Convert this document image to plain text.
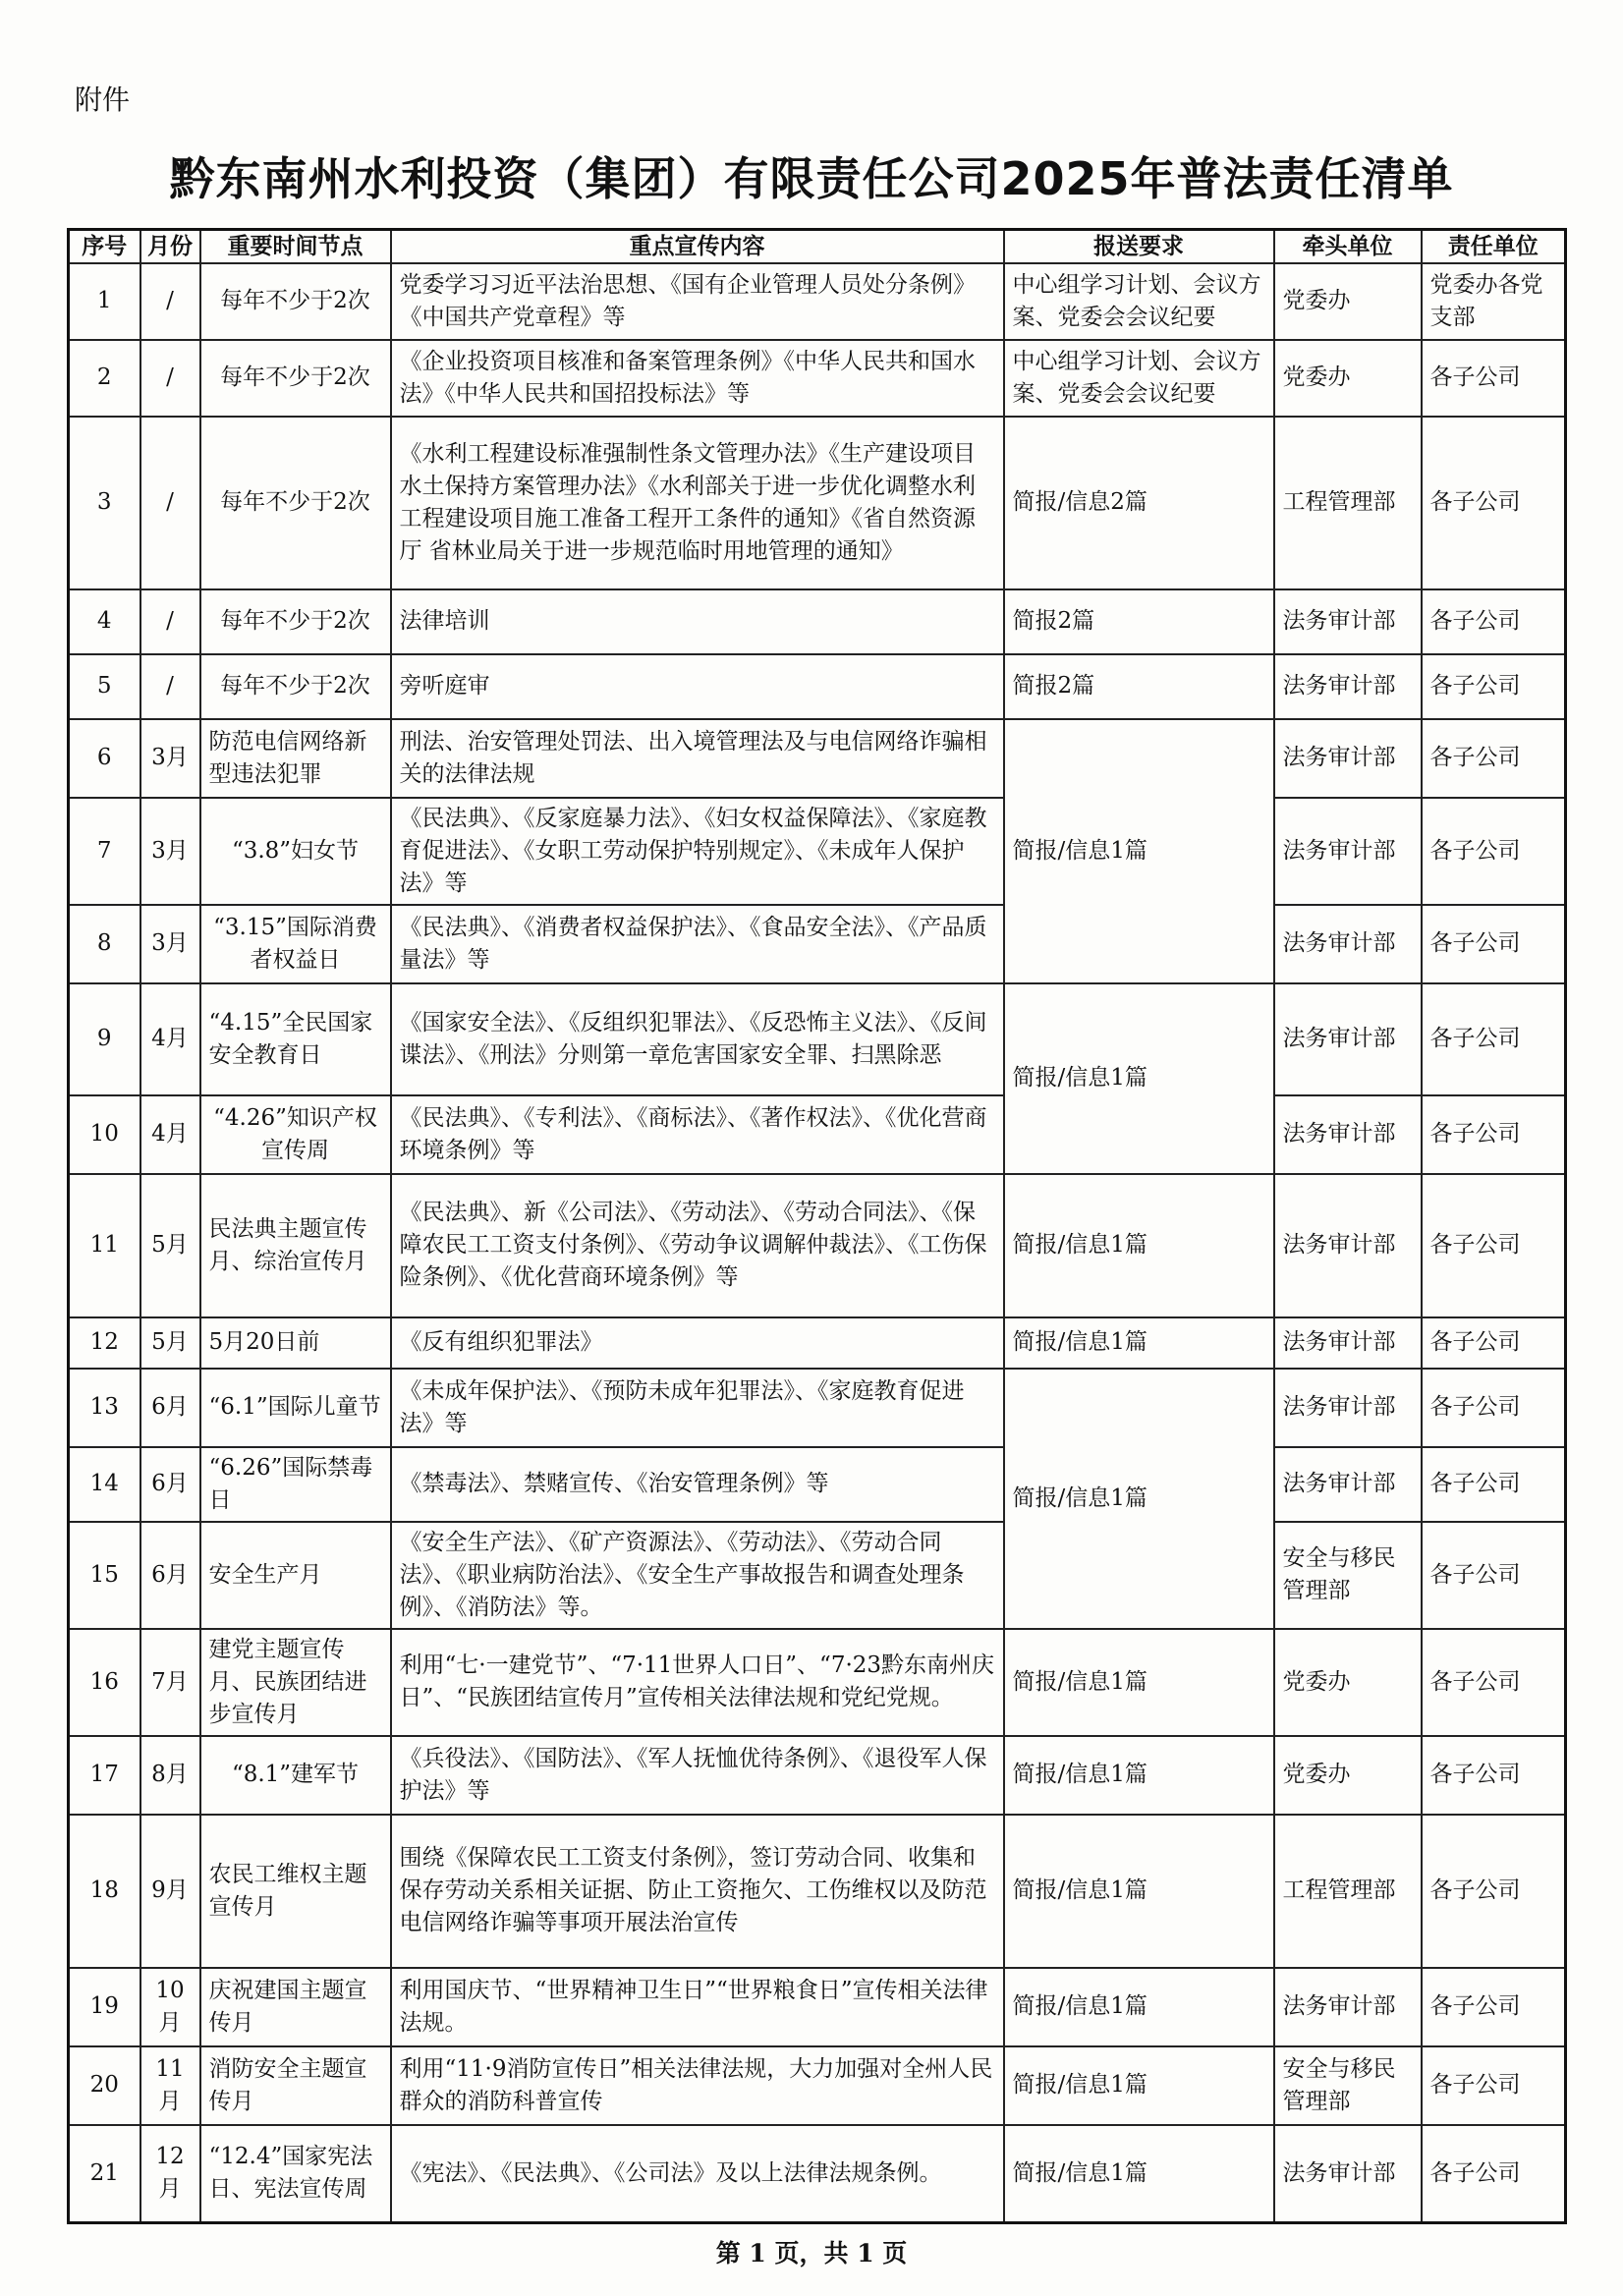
附件
黔东南州水利投资（集团）有限责任公司2025年普法责任清单
序号	月份	重要时间节点	重点宣传内容	报送要求	牵头单位	责任单位
1	/	每年不少于2次	党委学习习近平法治思想、《国有企业管理人员处分条例》《中国共产党章程》等	中心组学习计划、会议方案、党委会会议纪要	党委办	党委办各党支部
2	/	每年不少于2次	《企业投资项目核准和备案管理条例》《中华人民共和国水法》《中华人民共和国招投标法》等	中心组学习计划、会议方案、党委会会议纪要	党委办	各子公司
3	/	每年不少于2次	《水利工程建设标准强制性条文管理办法》《生产建设项目水土保持方案管理办法》《水利部关于进一步优化调整水利工程建设项目施工准备工程开工条件的通知》《省自然资源厅 省林业局关于进一步规范临时用地管理的通知》	简报/信息2篇	工程管理部	各子公司
4	/	每年不少于2次	法律培训	简报2篇	法务审计部	各子公司
5	/	每年不少于2次	旁听庭审	简报2篇	法务审计部	各子公司
6	3月	防范电信网络新型违法犯罪	刑法、治安管理处罚法、出入境管理法及与电信网络诈骗相关的法律法规	简报/信息1篇	法务审计部	各子公司
7	3月	“3.8”妇女节	《民法典》、《反家庭暴力法》、《妇女权益保障法》、《家庭教育促进法》、《女职工劳动保护特别规定》、《未成年人保护法》等		法务审计部	各子公司
8	3月	“3.15”国际消费者权益日	《民法典》、《消费者权益保护法》、《食品安全法》、《产品质量法》等		法务审计部	各子公司
9	4月	“4.15”全民国家安全教育日	《国家安全法》、《反组织犯罪法》、《反恐怖主义法》、《反间谍法》、《刑法》分则第一章危害国家安全罪、扫黑除恶	简报/信息1篇	法务审计部	各子公司
10	4月	“4.26”知识产权宣传周	《民法典》、《专利法》、《商标法》、《著作权法》、《优化营商环境条例》等		法务审计部	各子公司
11	5月	民法典主题宣传月、综治宣传月	《民法典》、新《公司法》、《劳动法》、《劳动合同法》、《保障农民工工资支付条例》、《劳动争议调解仲裁法》、《工伤保险条例》、《优化营商环境条例》等	简报/信息1篇	法务审计部	各子公司
12	5月	5月20日前	《反有组织犯罪法》	简报/信息1篇	法务审计部	各子公司
13	6月	“6.1”国际儿童节	《未成年保护法》、《预防未成年犯罪法》、《家庭教育促进法》等	简报/信息1篇	法务审计部	各子公司
14	6月	“6.26”国际禁毒日	《禁毒法》、禁赌宣传、《治安管理条例》等		法务审计部	各子公司
15	6月	安全生产月	《安全生产法》、《矿产资源法》、《劳动法》、《劳动合同法》、《职业病防治法》、《安全生产事故报告和调查处理条例》、《消防法》等。		安全与移民管理部	各子公司
16	7月	建党主题宣传月、民族团结进步宣传月	利用“七·一建党节”、“7·11世界人口日”、“7·23黔东南州庆日”、“民族团结宣传月”宣传相关法律法规和党纪党规。	简报/信息1篇	党委办	各子公司
17	8月	“8.1”建军节	《兵役法》、《国防法》、《军人抚恤优待条例》、《退役军人保护法》等	简报/信息1篇	党委办	各子公司
18	9月	农民工维权主题宣传月	围绕《保障农民工工资支付条例》，签订劳动合同、收集和保存劳动关系相关证据、防止工资拖欠、工伤维权以及防范电信网络诈骗等事项开展法治宣传	简报/信息1篇	工程管理部	各子公司
19	10月	庆祝建国主题宣传月	利用国庆节、“世界精神卫生日”“世界粮食日”宣传相关法律法规。	简报/信息1篇	法务审计部	各子公司
20	11月	消防安全主题宣传月	利用“11·9消防宣传日”相关法律法规，大力加强对全州人民群众的消防科普宣传	简报/信息1篇	安全与移民管理部	各子公司
21	12月	“12.4”国家宪法日、宪法宣传周	《宪法》、《民法典》、《公司法》及以上法律法规条例。	简报/信息1篇	法务审计部	各子公司
第 1 页，共 1 页
